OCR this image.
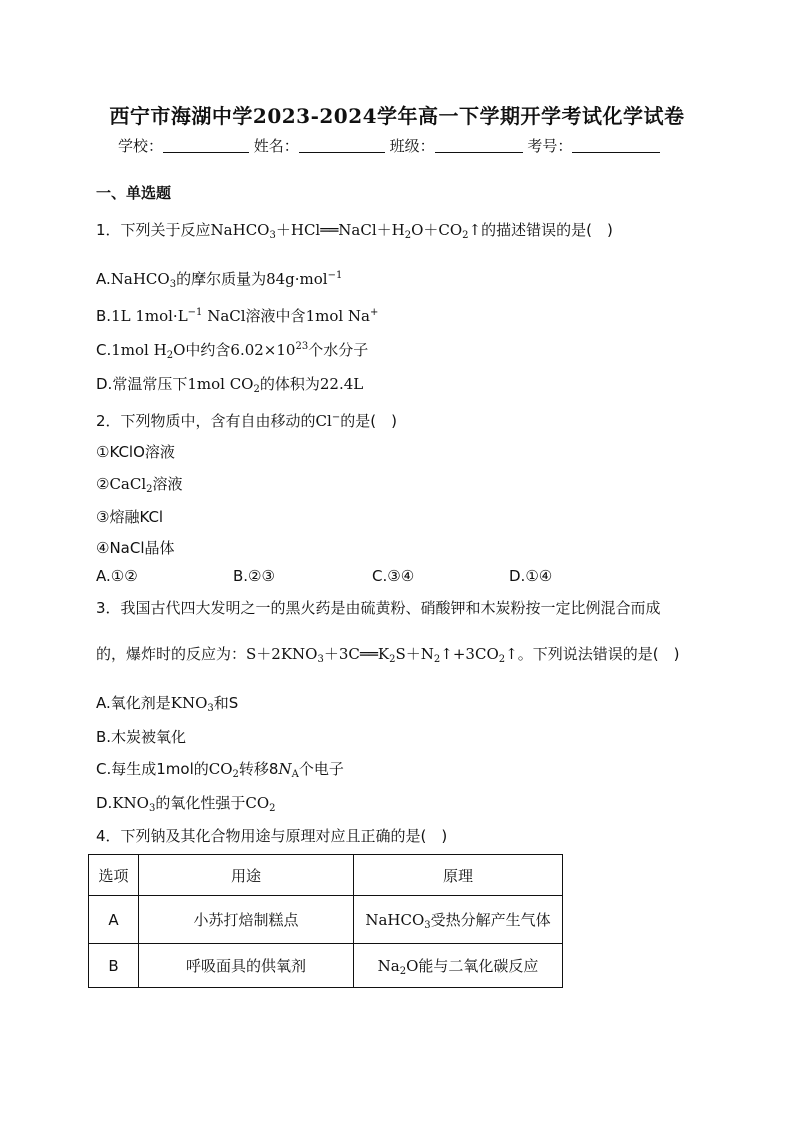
西宁市海湖中学2023-2024学年高一下学期开学考试化学试卷
学校：	姓名：	班级：	考号：
一、单选题
1．下列关于反应$NaHCO_3+HCl══NaCl+H_2O+CO_2↑$的描述错误的是(　)
A.NaHCO$_3$的摩尔质量为84g·mol$^{-1}$
B.1L $1mol\cdot L^{-1}$ NaCl溶液中含1mol Na+
C.1mol $H_2O$中约含$6.02\times 10^{23}$个水分子
D.常温常压下1mol $CO_2$的体积为22.4L
2．下列物质中，含有自由移动的Cl−的是(　)
①KClO溶液
②CaCl$_2$溶液
③熔融KCl
④NaCl晶体
A.①②	B.②③	C.③④	D.①④
3．我国古代四大发明之一的黑火药是由硫黄粉、硝酸钾和木炭粉按一定比例混合而成
的，爆炸时的反应为：$S+2KNO_3+3C══K_2S+N_2↑+3CO_2↑$。下列说法错误的是(　)
A.氧化剂是$KNO_3$和S
B.木炭被氧化
C.每生成1mol的$CO_2$转移$8N_A$个电子
$D.KNO_3$的氧化性强于$CO_2$
4．下列钠及其化合物用途与原理对应且正确的是(　)
选项	用途	原理
A	小苏打焙制糕点	NaHCO$_3$受热分解产生气体
B	呼吸面具的供氧剂	$Na_2O$能与二氧化碳反应
